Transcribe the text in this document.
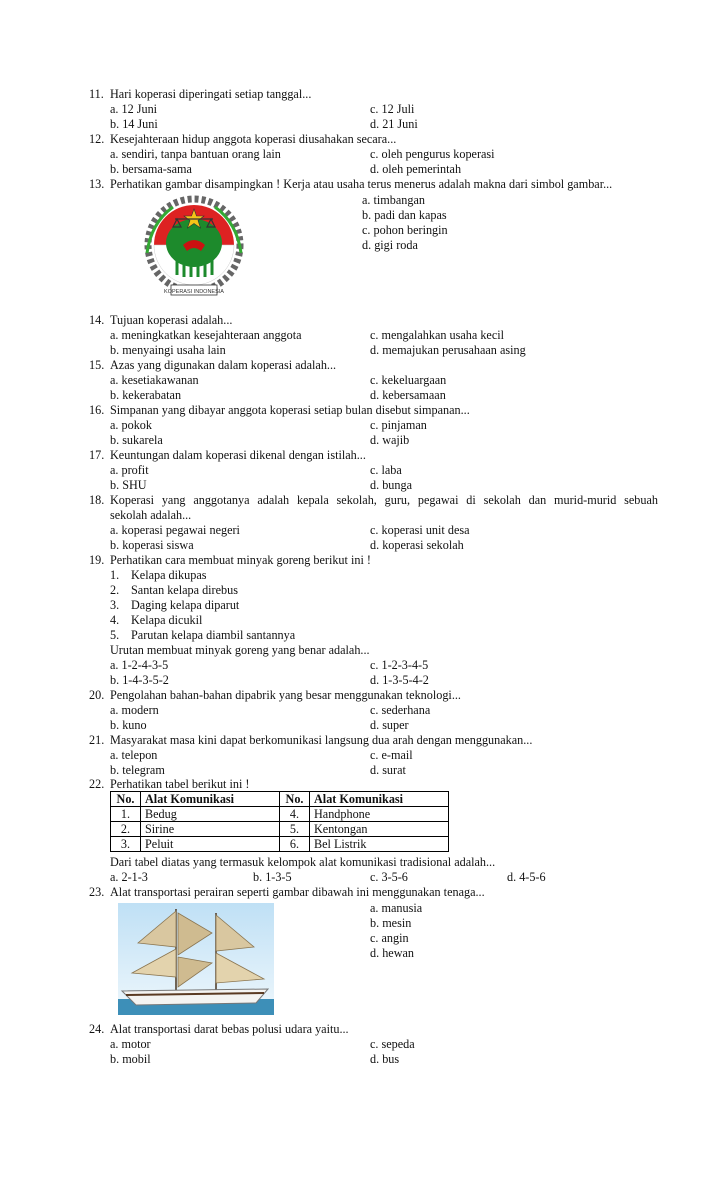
11. Hari koperasi diperingati setiap tanggal...
a. 12 Juni	c. 12 Juli
b. 14 Juni	d. 21 Juni
12. Kesejahteraan hidup anggota koperasi diusahakan secara...
a. sendiri, tanpa bantuan orang lain	c. oleh pengurus koperasi
b. bersama-sama	d. oleh pemerintah
13. Perhatikan gambar disampingkan ! Kerja atau usaha terus menerus adalah makna dari simbol gambar...
a. timbangan
b. padi dan kapas
c. pohon beringin
d. gigi roda
KOPERASI INDONESIA
14. Tujuan koperasi adalah...
a. meningkatkan kesejahteraan anggota	c. mengalahkan usaha kecil
b. menyaingi usaha lain	d. memajukan perusahaan asing
15. Azas yang digunakan dalam koperasi adalah...
a. kesetiakawanan	c. kekeluargaan
b. kekerabatan	d. kebersamaan
16. Simpanan yang dibayar anggota koperasi setiap bulan disebut simpanan...
a. pokok	c. pinjaman
b. sukarela	d. wajib
17. Keuntungan dalam koperasi dikenal dengan istilah...
a. profit	c. laba
b. SHU	d. bunga
18. Koperasi yang anggotanya adalah kepala sekolah, guru, pegawai di sekolah dan murid-murid sebuah
sekolah adalah...
a. koperasi pegawai negeri	c. koperasi unit desa
b. koperasi siswa	d. koperasi sekolah
19. Perhatikan cara membuat minyak goreng berikut ini !
1. Kelapa dikupas
2. Santan kelapa direbus
3. Daging kelapa diparut
4. Kelapa dicukil
5. Parutan kelapa diambil santannya
Urutan membuat minyak goreng yang benar adalah...
a. 1-2-4-3-5	c. 1-2-3-4-5
b. 1-4-3-5-2	d. 1-3-5-4-2
20. Pengolahan bahan-bahan dipabrik yang besar menggunakan teknologi...
a. modern	c. sederhana
b. kuno	d. super
21. Masyarakat masa kini dapat berkomunikasi langsung dua arah dengan menggunakan...
a. telepon	c. e-mail
b. telegram	d. surat
22. Perhatikan tabel berikut ini !
No.	Alat Komunikasi	No.	Alat Komunikasi
1.	Bedug	4.	Handphone
2.	Sirine	5.	Kentongan
3.	Peluit	6.	Bel Listrik
Dari tabel diatas yang termasuk kelompok alat komunikasi tradisional adalah...
a. 2-1-3	b. 1-3-5	c. 3-5-6	d. 4-5-6
23. Alat transportasi perairan seperti gambar dibawah ini menggunakan tenaga...
a. manusia
b. mesin
c. angin
d. hewan
24. Alat transportasi darat bebas polusi udara yaitu...
a. motor	c. sepeda
b. mobil	d. bus
